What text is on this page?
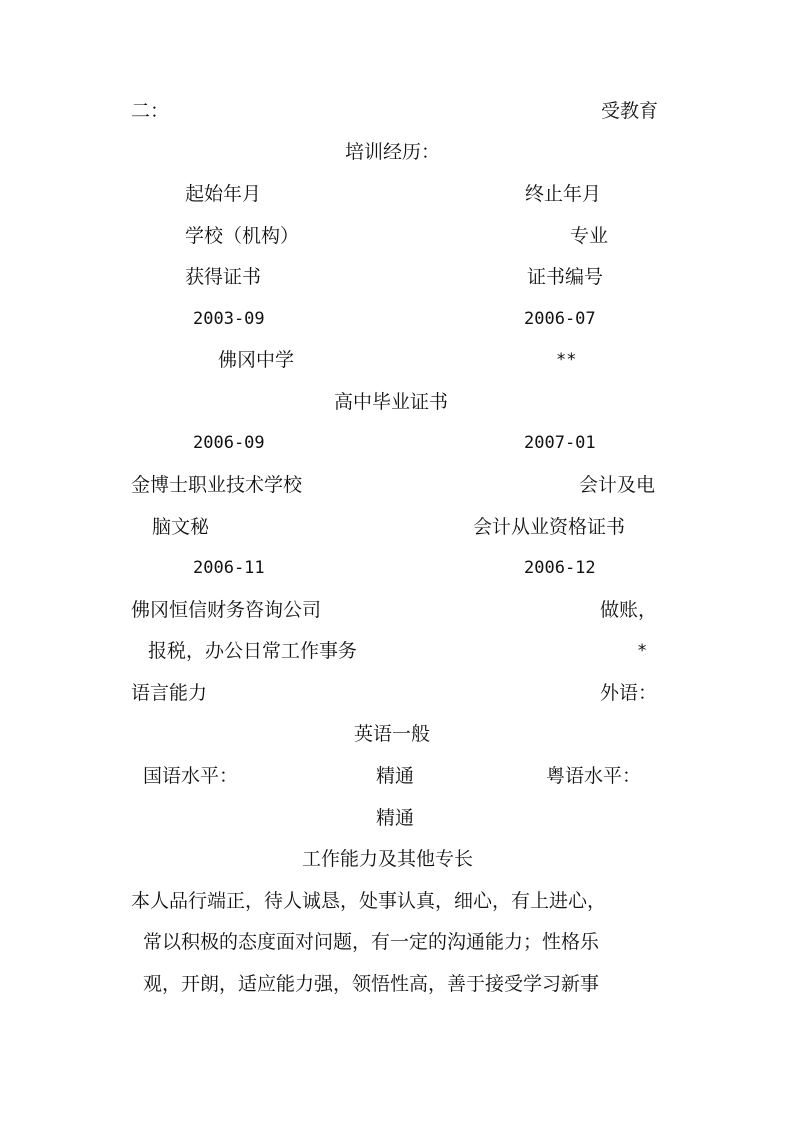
二：	受教育
培训经历：
起始年月	终止年月
学校（机构）	专业
获得证书	证书编号
2003-09	2006-07
佛冈中学	**
高中毕业证书
2006-09	2007-01
金博士职业技术学校	会计及电
脑文秘	会计从业资格证书
2006-11	2006-12
佛冈恒信财务咨询公司	做账，
报税，办公日常工作事务	*
语言能力	外语：
英语一般
国语水平：	精通	粤语水平：
精通
工作能力及其他专长
本人品行端正，待人诚恳，处事认真，细心，有上进心，
常以积极的态度面对问题，有一定的沟通能力；性格乐
观，开朗，适应能力强，领悟性高，善于接受学习新事
